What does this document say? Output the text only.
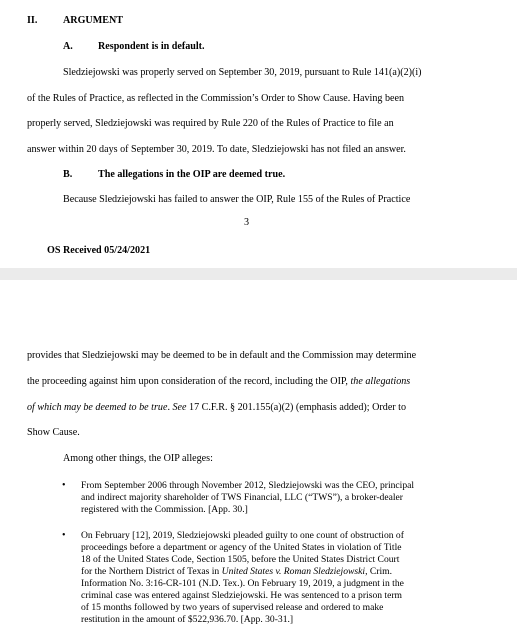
II.	ARGUMENT
A. Respondent is in default.
Sledziejowski was properly served on September 30, 2019, pursuant to Rule 141(a)(2)(i)
of the Rules of Practice, as reflected in the Commission’s Order to Show Cause. Having been
properly served, Sledziejowski was required by Rule 220 of the Rules of Practice to file an
answer within 20 days of September 30, 2019. To date, Sledziejowski has not filed an answer.
B.	The allegations in the OIP are deemed true.
Because Sledziejowski has failed to answer the OIP, Rule 155 of the Rules of Practice
3
OS Received 05/24/2021
provides that Sledziejowski may be deemed to be in default and the Commission may determine
the proceeding against him upon consideration of the record, including the OIP, the allegations
of which may be deemed to be true. See 17 C.F.R. § 201.155(a)(2) (emphasis added); Order to
Show Cause.
Among other things, the OIP alleges:
• From September 2006 through November 2012, Sledziejowski was the CEO, principal
and indirect majority shareholder of TWS Financial, LLC (“TWS”), a broker-dealer
registered with the Commission. [App. 30.]
• On February [12], 2019, Sledziejowski pleaded guilty to one count of obstruction of
proceedings before a department or agency of the United States in violation of Title
18 of the United States Code, Section 1505, before the United States District Court
for the Northern District of Texas in United States v. Roman Sledziejowski, Crim.
Information No. 3:16-CR-101 (N.D. Tex.). On February 19, 2019, a judgment in the
criminal case was entered against Sledziejowski. He was sentenced to a prison term
of 15 months followed by two years of supervised release and ordered to make
restitution in the amount of $522,936.70. [App. 30-31.]
